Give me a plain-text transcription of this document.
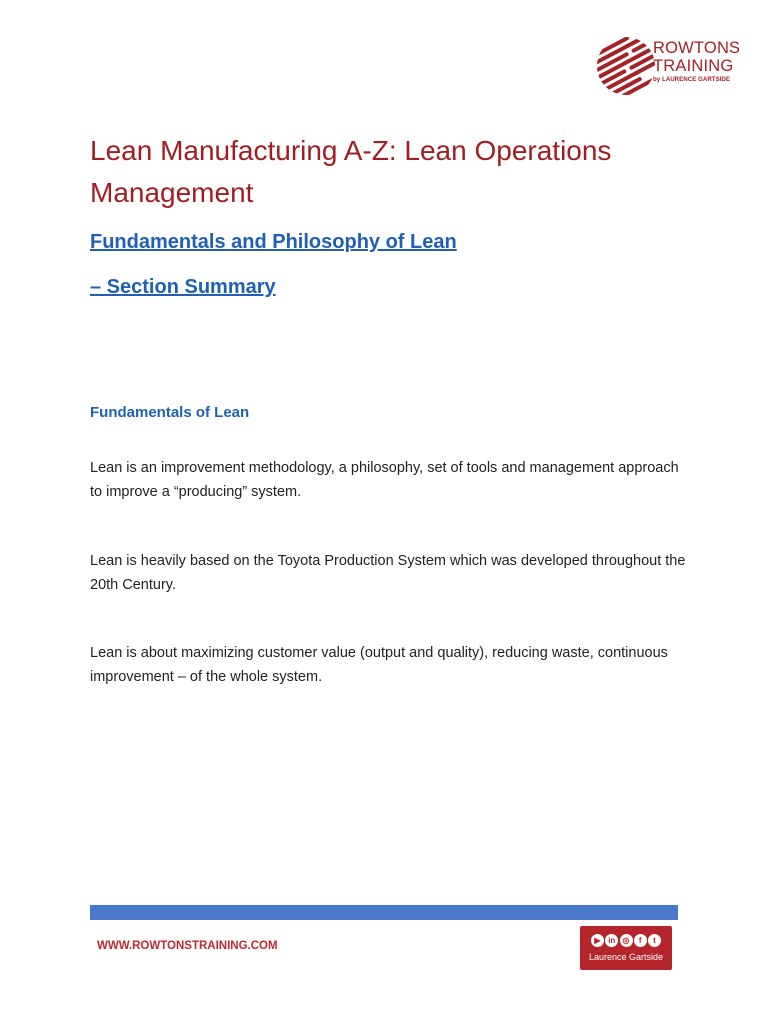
ROWTONS
TRAINING
by LAURENCE GARTSIDE
Lean Manufacturing A-Z: Lean Operations Management
Fundamentals and Philosophy of Lean
– Section Summary
Fundamentals of Lean

Lean is an improvement methodology, a philosophy, set of tools and management approach to improve a “producing” system.

Lean is heavily based on the Toyota Production System which was developed throughout the 20th Century.

Lean is about maximizing customer value (output and quality), reducing waste, continuous improvement – of the whole system.

WWW.ROWTONSTRAINING.COM	▶ in ◎	f	t
Laurence Gartside
